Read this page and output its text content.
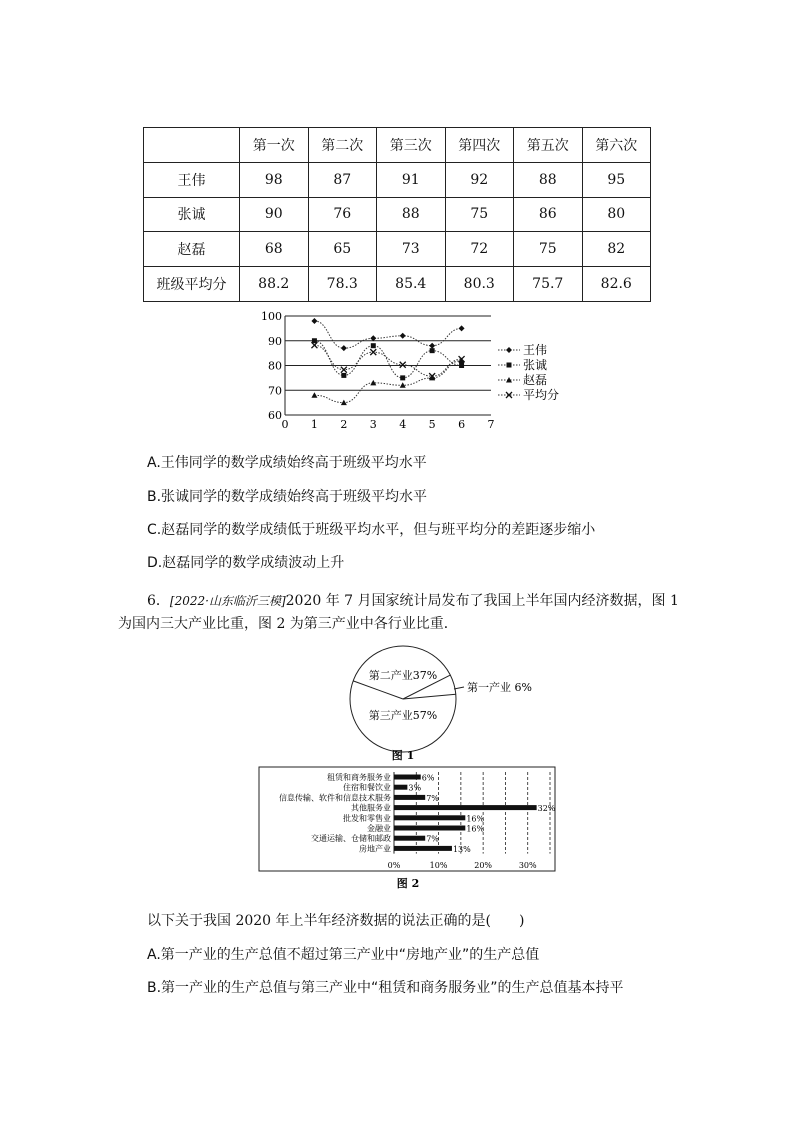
	第一次	第二次	第三次	第四次	第五次	第六次
王伟	98	87	91	92	88	95
张诚	90	76	88	75	86	80
赵磊	68	65	73	72	75	82
班级平均分	88.2	78.3	85.4	80.3	75.7	82.6
60
70
80
90
100
0 1 2 3 4 5 6 7
王伟
张诚
赵磊
平均分
A.王伟同学的数学成绩始终高于班级平均水平
B.张诚同学的数学成绩始终高于班级平均水平
C.赵磊同学的数学成绩低于班级平均水平，但与班平均分的差距逐步缩小
D.赵磊同学的数学成绩波动上升
6．[2022·山东临沂三模]2020 年 7 月国家统计局发布了我国上半年国内经济数据，图 1
为国内三大产业比重，图 2 为第三产业中各行业比重．
第二产业37%
第三产业57%
第一产业 6%
图 1
租赁和商务服务业	6%
住宿和餐饮业 3%
信息传输、软件和信息技术服务	7%
其他服务业	32%
批发和零售业	16%
金融业	16%
交通运输、仓储和邮政	7%
房地产业	13%
0%	10%	20%	30%
图 2
以下关于我国 2020 年上半年经济数据的说法正确的是(　　)
A.第一产业的生产总值不超过第三产业中“房地产业”的生产总值
B.第一产业的生产总值与第三产业中“租赁和商务服务业”的生产总值基本持平
